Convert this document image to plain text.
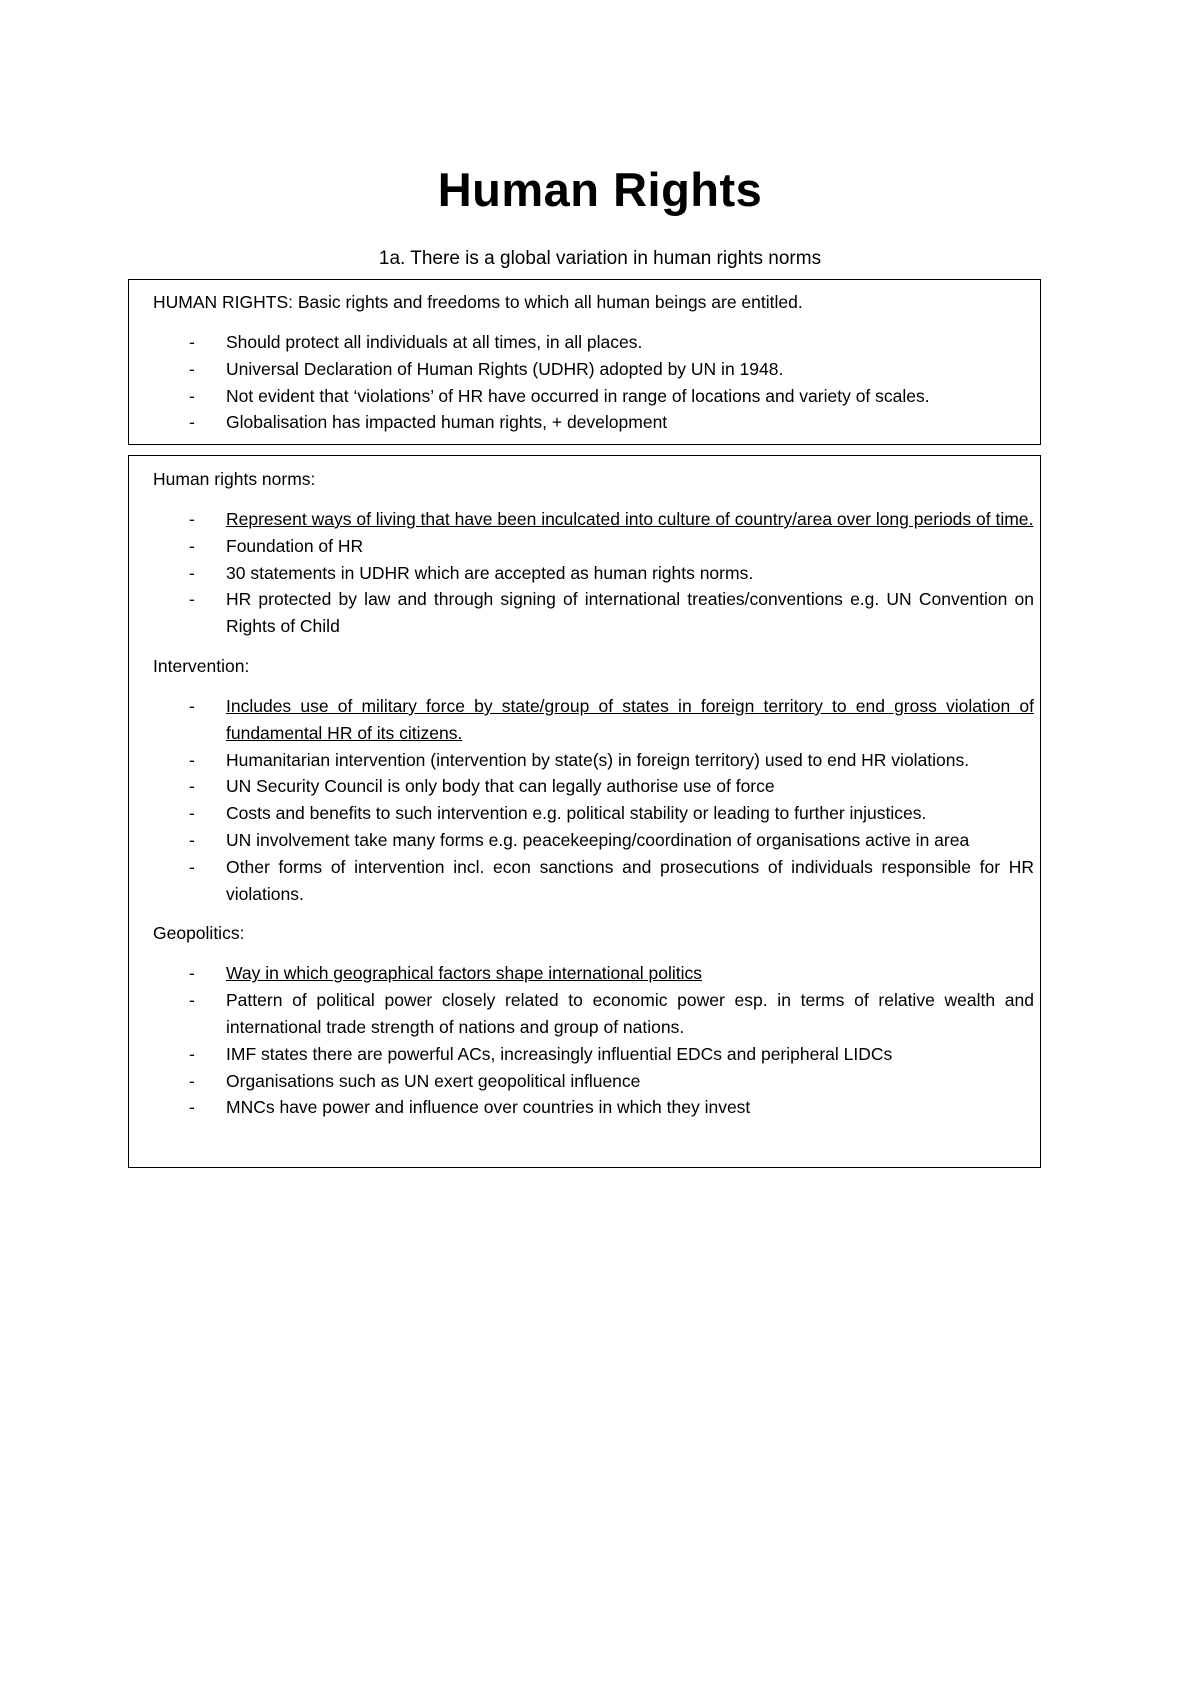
Human Rights
1a. There is a global variation in human rights norms

HUMAN RIGHTS: Basic rights and freedoms to which all human beings are entitled.

- Should protect all individuals at all times, in all places.
- Universal Declaration of Human Rights (UDHR) adopted by UN in 1948.
- Not evident that ‘violations’ of HR have occurred in range of locations and variety of scales.
- Globalisation has impacted human rights, + development

Human rights norms:

- Represent ways of living that have been inculcated into culture of country/area over long periods of time.
- Foundation of HR
- 30 statements in UDHR which are accepted as human rights norms.
- HR protected by law and through signing of international treaties/conventions e.g. UN Convention on Rights of Child

Intervention:

- Includes use of military force by state/group of states in foreign territory to end gross violation of fundamental HR of its citizens.
- Humanitarian intervention (intervention by state(s) in foreign territory) used to end HR violations.
- UN Security Council is only body that can legally authorise use of force
- Costs and benefits to such intervention e.g. political stability or leading to further injustices.
- UN involvement take many forms e.g. peacekeeping/coordination of organisations active in area
- Other forms of intervention incl. econ sanctions and prosecutions of individuals responsible for HR violations.

Geopolitics:

- Way in which geographical factors shape international politics
- Pattern of political power closely related to economic power esp. in terms of relative wealth and international trade strength of nations and group of nations.
- IMF states there are powerful ACs, increasingly influential EDCs and peripheral LIDCs
- Organisations such as UN exert geopolitical influence
- MNCs have power and influence over countries in which they invest
